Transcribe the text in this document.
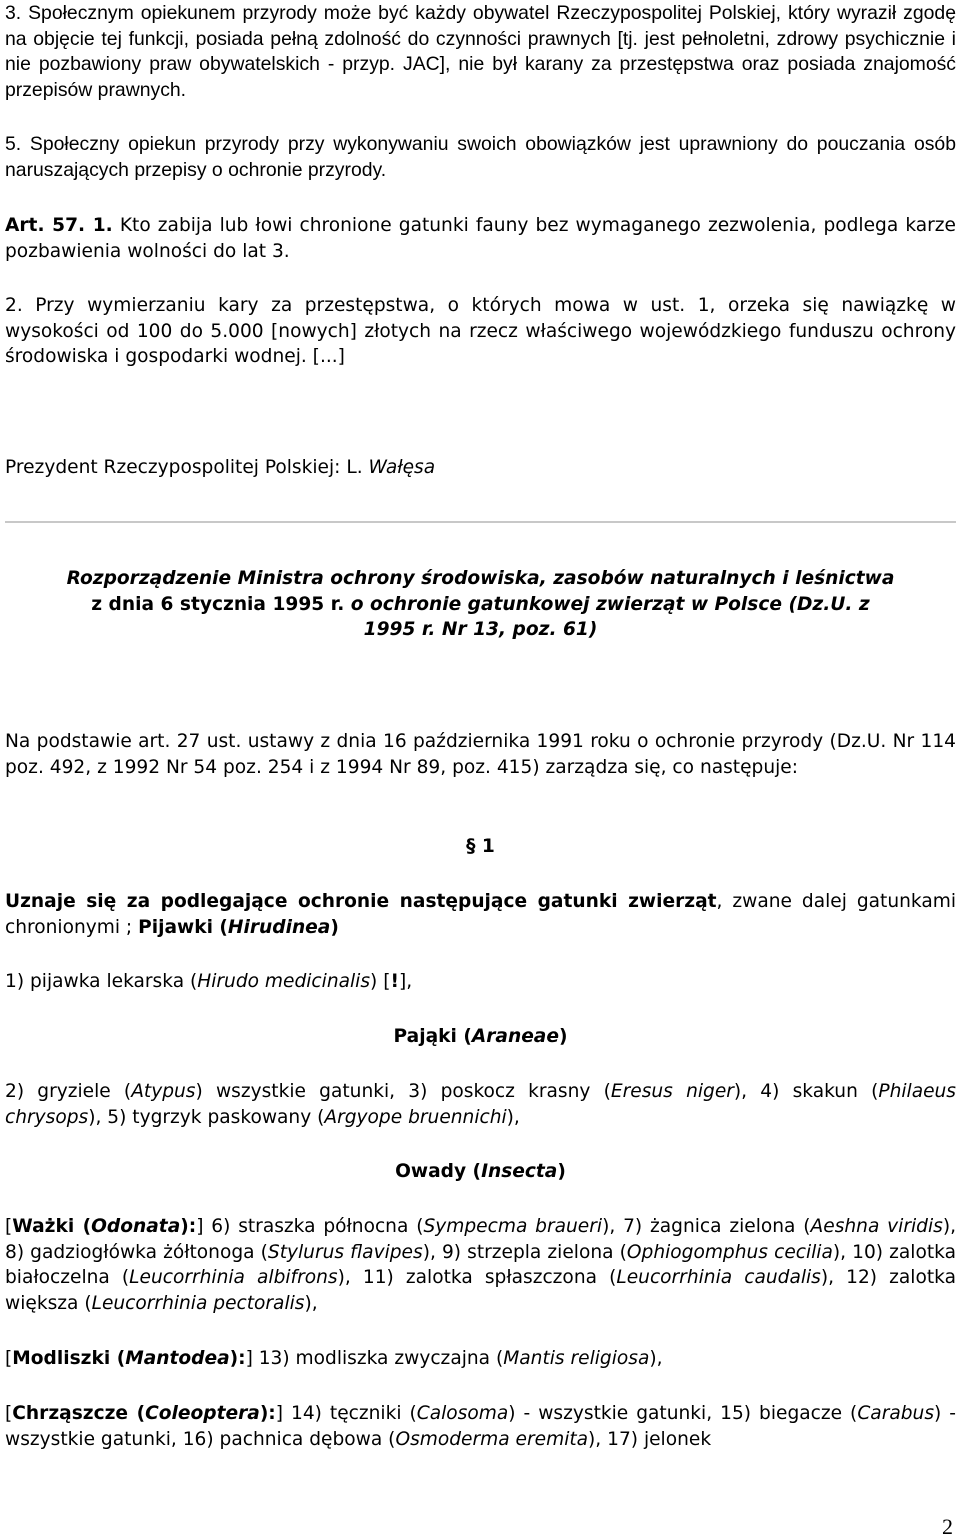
3. Społecznym opiekunem przyrody może być każdy obywatel Rzeczypospolitej Polskiej, który wyraził zgodę na objęcie tej funkcji, posiada pełną zdolność do czynności prawnych [tj. jest pełnoletni, zdrowy psychicznie i nie pozbawiony praw obywatelskich - przyp. JAC], nie był karany za przestępstwa oraz posiada znajomość przepisów prawnych.

5. Społeczny opiekun przyrody przy wykonywaniu swoich obowiązków jest uprawniony do pouczania osób naruszających przepisy o ochronie przyrody.

Art. 57. 1. Kto zabija lub łowi chronione gatunki fauny bez wymaganego zezwolenia, podlega karze pozbawienia wolności do lat 3.

2. Przy wymierzaniu kary za przestępstwa, o których mowa w ust. 1, orzeka się nawiązkę w wysokości od 100 do 5.000 [nowych] złotych na rzecz właściwego wojewódzkiego funduszu ochrony środowiska i gospodarki wodnej. [...]

Prezydent Rzeczypospolitej Polskiej: L. Wałęsa

Rozporządzenie Ministra ochrony środowiska, zasobów naturalnych i leśnictwa

z dnia 6 stycznia 1995 r. o ochronie gatunkowej zwierząt w Polsce (Dz.U. z

1995 r. Nr 13, poz. 61)

Na podstawie art. 27 ust. ustawy z dnia 16 października 1991 roku o ochronie przyrody (Dz.U. Nr 114 poz. 492, z 1992 Nr 54 poz. 254 i z 1994 Nr 89, poz. 415) zarządza się, co następuje:

§ 1

Uznaje się za podlegające ochronie następujące gatunki zwierząt, zwane dalej gatunkami chronionymi ; Pijawki (Hirudinea)

1) pijawka lekarska (Hirudo medicinalis) [!],

Pająki (Araneae)

2) gryziele (Atypus) wszystkie gatunki, 3) poskocz krasny (Eresus niger), 4) skakun (Philaeus chrysops), 5) tygrzyk paskowany (Argyope bruennichi),

Owady (Insecta)

[Ważki (Odonata):] 6) straszka północna (Sympecma braueri), 7) żagnica zielona (Aeshna viridis), 8) gadziogłówka żółtonoga (Stylurus flavipes), 9) strzepla zielona (Ophiogomphus cecilia), 10) zalotka białoczelna (Leucorrhinia albifrons), 11) zalotka spłaszczona (Leucorrhinia caudalis), 12) zalotka większa (Leucorrhinia pectoralis),

[Modliszki (Mantodea):] 13) modliszka zwyczajna (Mantis religiosa),

[Chrząszcze (Coleoptera):] 14) tęczniki (Calosoma) - wszystkie gatunki, 15) biegacze (Carabus) - wszystkie gatunki, 16) pachnica dębowa (Osmoderma eremita), 17) jelonek

2
